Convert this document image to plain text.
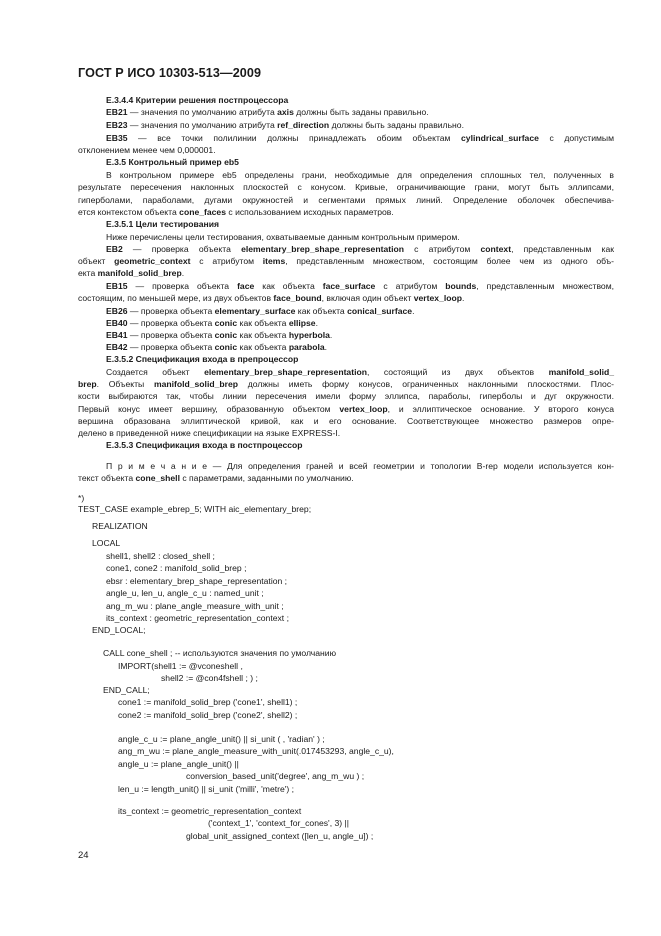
ГОСТ Р ИСО 10303-513—2009
E.3.4.4 Критерии решения постпроцессора
EB21 — значения по умолчанию атрибута axis должны быть заданы правильно.
EB23 — значения по умолчанию атрибута ref_direction должны быть заданы правильно.
EB35 — все точки полилинии должны принадлежать обоим объектам cylindrical_surface с допустимым
отклонением менее чем 0,000001.
E.3.5 Контрольный пример eb5
В контрольном примере eb5 определены грани, необходимые для определения сплошных тел, полученных в
результате пересечения наклонных плоскостей с конусом. Кривые, ограничивающие грани, могут быть эллипсами,
гиперболами, параболами, дугами окружностей и сегментами прямых линий. Определение оболочек обеспечива-
ется контекстом объекта cone_faces с использованием исходных параметров.
E.3.5.1 Цели тестирования
Ниже перечислены цели тестирования, охватываемые данным контрольным примером.
EB2 — проверка объекта elementary_brep_shape_representation с атрибутом context, представленным как
объект geometric_context с атрибутом items, представленным множеством, состоящим более чем из одного объ-
екта manifold_solid_brep.
EB15 — проверка объекта face как объекта face_surface с атрибутом bounds, представленным множеством,
состоящим, по меньшей мере, из двух объектов face_bound, включая один объект vertex_loop.
EB26 — проверка объекта elementary_surface как объекта conical_surface.
EB40 — проверка объекта conic как объекта ellipse.
EB41 — проверка объекта conic как объекта hyperbola.
EB42 — проверка объекта conic как объекта parabola.
E.3.5.2 Спецификация входа в препроцессор
Создается объект elementary_brep_shape_representation, состоящий из двух объектов manifold_solid_
brep. Объекты manifold_solid_brep должны иметь форму конусов, ограниченных наклонными плоскостями. Плос-
кости выбираются так, чтобы линии пересечения имели форму эллипса, параболы, гиперболы и дуг окружности.
Первый конус имеет вершину, образованную объектом vertex_loop, и эллиптическое основание. У второго конуса
вершина образована эллиптической кривой, как и его основание. Соответствующее множество размеров опре-
делено в приведенной ниже спецификации на языке EXPRESS-I.
E.3.5.3 Спецификация входа в постпроцессор
П р и м е ч а н и е — Для определения граней и всей геометрии и топологии B-rep модели используется кон-
текст объекта cone_shell с параметрами, заданными по умолчанию.
*)
TEST_CASE example_ebrep_5; WITH aic_elementary_brep;
REALIZATION
LOCAL
shell1, shell2 : closed_shell ;
cone1, cone2 : manifold_solid_brep ;
ebsr : elementary_brep_shape_representation ;
angle_u, len_u, angle_c_u : named_unit ;
ang_m_wu : plane_angle_measure_with_unit ;
its_context : geometric_representation_context ;
END_LOCAL;
CALL cone_shell ; -- используются значения по умолчанию
IMPORT(shell1 := @vconeshell ,
shell2 := @con4fshell ; ) ;
END_CALL;
cone1 := manifold_solid_brep ('cone1', shell1) ;
cone2 := manifold_solid_brep ('cone2', shell2) ;
angle_c_u := plane_angle_unit() || si_unit ( , 'radian' ) ;
ang_m_wu := plane_angle_measure_with_unit(.017453293, angle_c_u),
angle_u := plane_angle_unit() ||
conversion_based_unit('degree', ang_m_wu ) ;
len_u := length_unit() || si_unit ('milli', 'metre') ;
its_context := geometric_representation_context
('context_1', 'context_for_cones', 3) ||
global_unit_assigned_context ([len_u, angle_u]) ;
24
